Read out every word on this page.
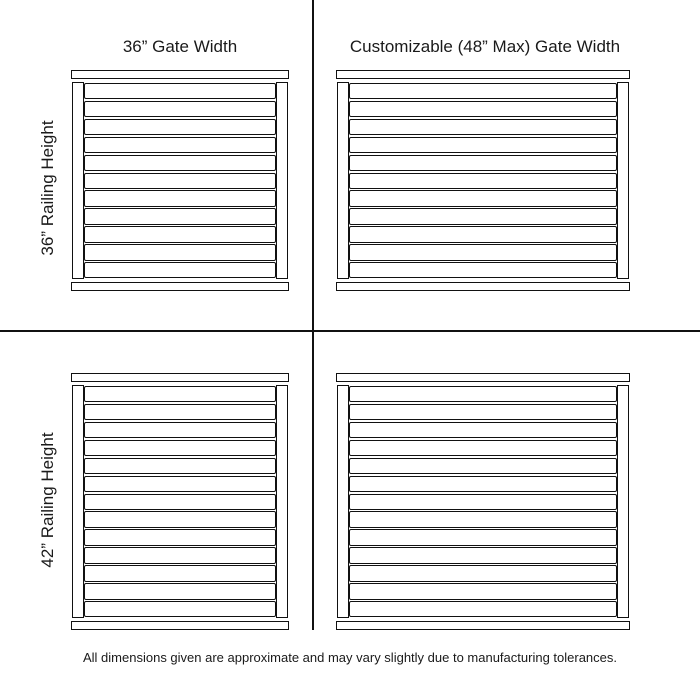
36” Gate Width	Customizable (48” Max) Gate Width
36” Railing Height
42” Railing Height
All dimensions given are approximate and may vary slightly due to manufacturing tolerances.
